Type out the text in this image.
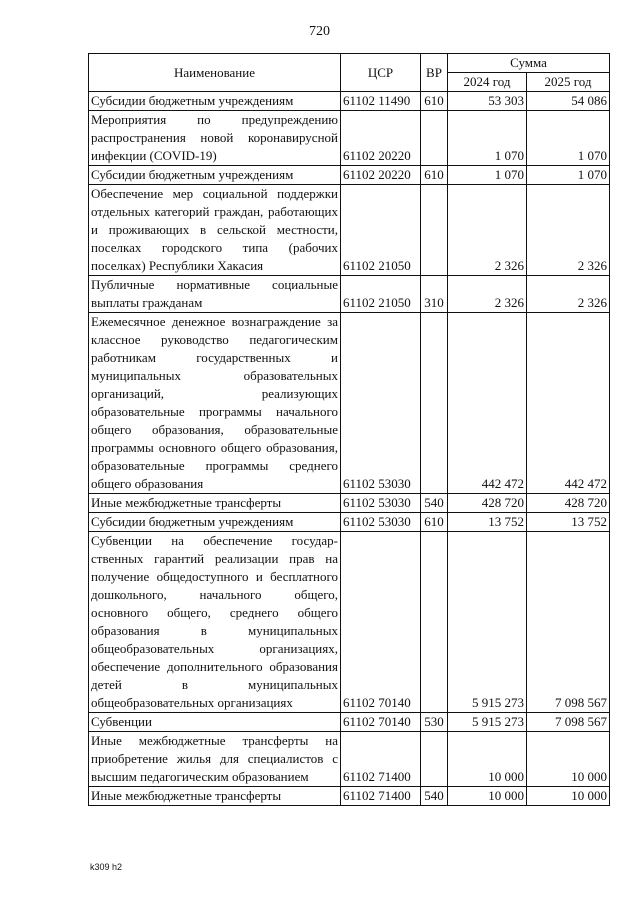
720
Наименование	ЦСР	ВР	Сумма	
			2024 год	2025 год
Субсидии бюджетным учреждениям	61102 11490	610	53 303	54 086
Мероприятия по предупреждению распространения новой коронавирусной инфекции (COVID-19)	61102 20220		1 070	1 070
Субсидии бюджетным учреждениям	61102 20220	610	1 070	1 070
Обеспечение мер социальной поддержки отдельных категорий граждан, работающих и проживающих в сельской местности, поселках городского типа (рабочих поселках) Республики Хакасия	61102 21050		2 326	2 326
Публичные нормативные социальные выплаты гражданам	61102 21050	310	2 326	2 326
Ежемесячное денежное вознаграждение за классное руководство педагогическим работникам государственных и муниципальных образовательных организаций, реализующих образовательные программы начального общего образования, образовательные программы основного общего образования, образовательные программы среднего общего образования	61102 53030		442 472	442 472
Иные межбюджетные трансферты	61102 53030	540	428 720	428 720
Субсидии бюджетным учреждениям	61102 53030	610	13 752	13 752
Субвенции на обеспечение государственных гарантий реализации прав на получение общедоступного и бесплатного дошкольного, начального общего, основного общего, среднего общего образования в муниципальных общеобразовательных организациях, обеспечение дополнительного образования детей в муниципальных общеобразовательных организациях	61102 70140		5 915 273	7 098 567
Субвенции	61102 70140	530	5 915 273	7 098 567
Иные межбюджетные трансферты на приобретение жилья для специалистов с высшим педагогическим образованием	61102 71400		10 000	10 000
Иные межбюджетные трансферты	61102 71400	540	10 000	10 000
k309 h2
